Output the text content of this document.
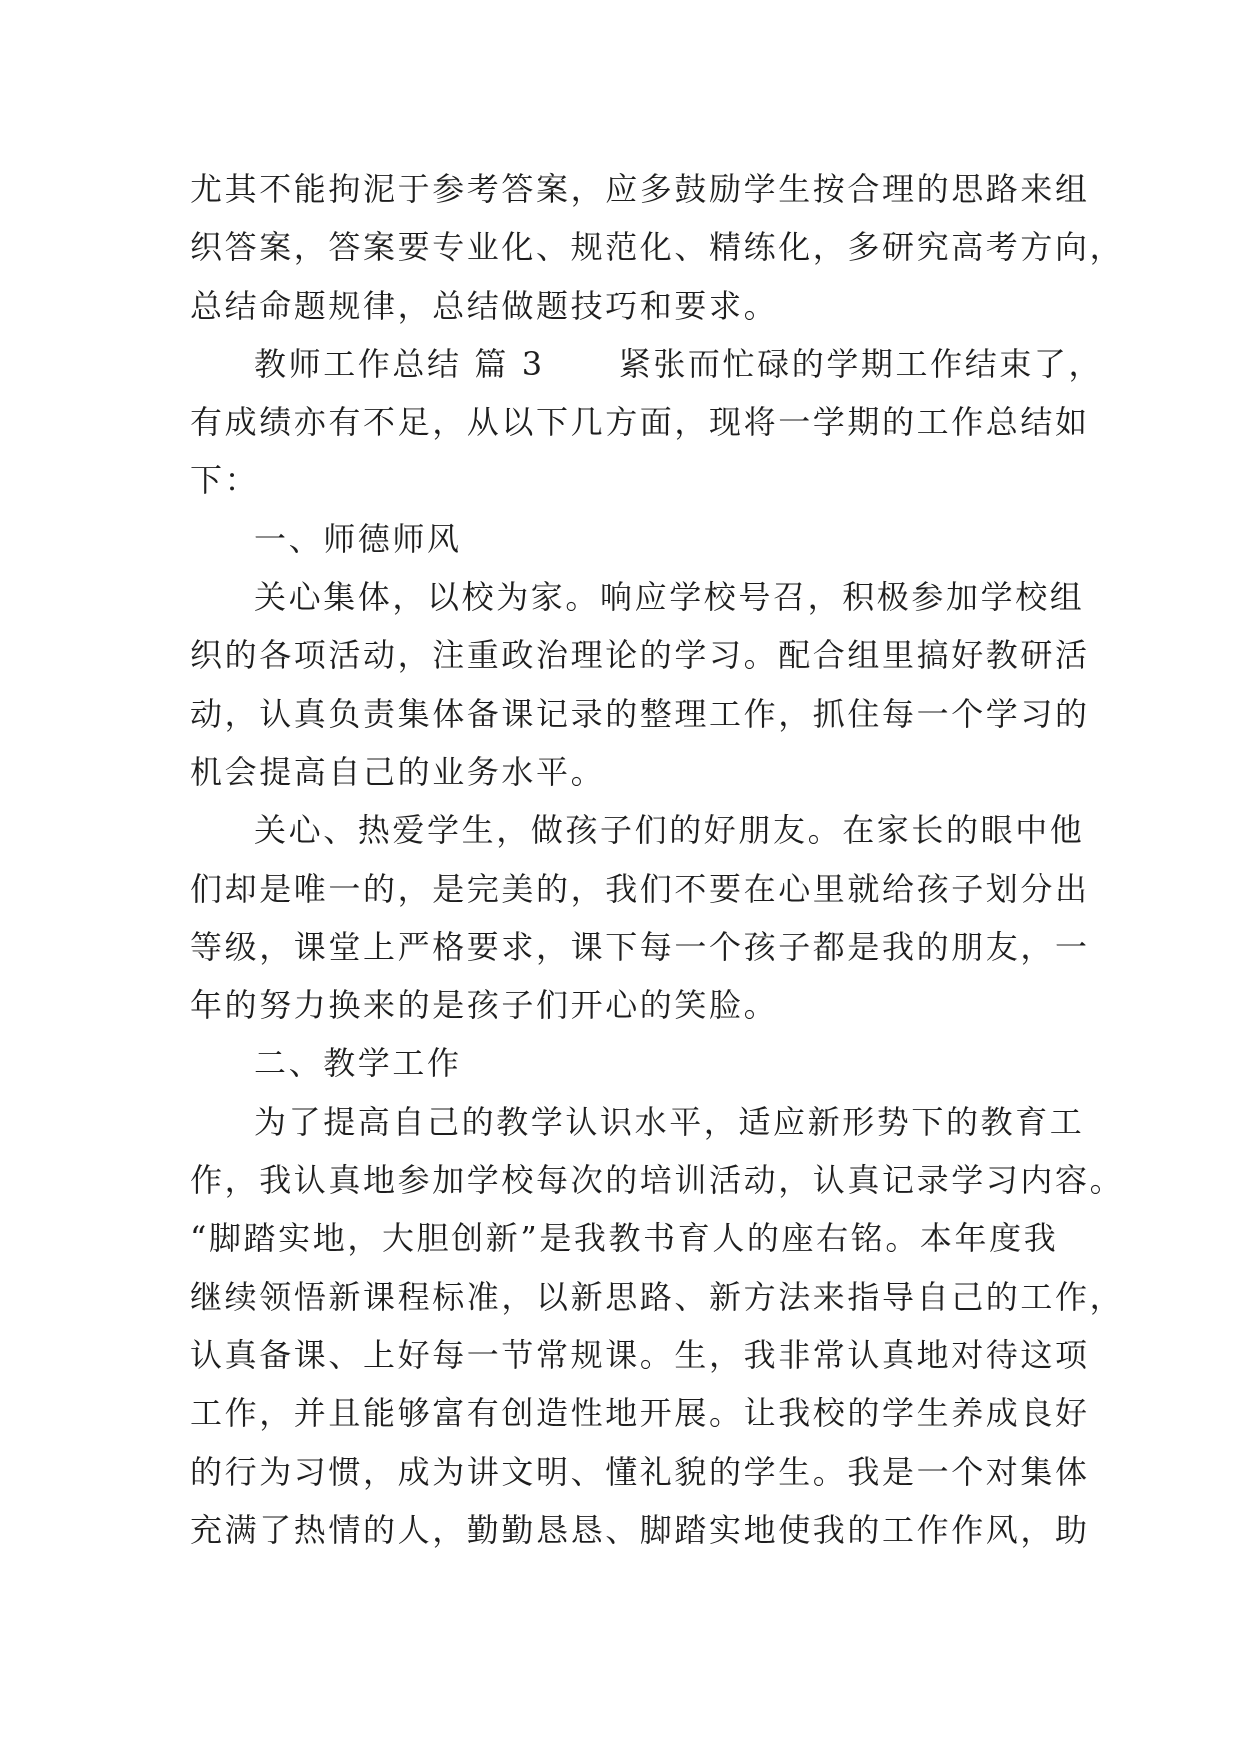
尤其不能拘泥于参考答案，应多鼓励学生按合理的思路来组
织答案，答案要专业化、规范化、精练化，多研究高考方向，
总结命题规律，总结做题技巧和要求。
教师工作总结 篇 3 紧张而忙碌的学期工作结束了，
有成绩亦有不足，从以下几方面，现将一学期的工作总结如
下：
一、师德师风
关心集体，以校为家。响应学校号召，积极参加学校组
织的各项活动，注重政治理论的学习。配合组里搞好教研活
动，认真负责集体备课记录的整理工作，抓住每一个学习的
机会提高自己的业务水平。
关心、热爱学生，做孩子们的好朋友。在家长的眼中他
们却是唯一的，是完美的，我们不要在心里就给孩子划分出
等级，课堂上严格要求，课下每一个孩子都是我的朋友，一
年的努力换来的是孩子们开心的笑脸。
二、教学工作
为了提高自己的教学认识水平，适应新形势下的教育工
作，我认真地参加学校每次的培训活动，认真记录学习内容。
“脚踏实地，大胆创新”是我教书育人的座右铭。本年度我
继续领悟新课程标准，以新思路、新方法来指导自己的工作，
认真备课、上好每一节常规课。生，我非常认真地对待这项
工作，并且能够富有创造性地开展。让我校的学生养成良好
的行为习惯，成为讲文明、懂礼貌的学生。我是一个对集体
充满了热情的人，勤勤恳恳、脚踏实地使我的工作作风，助
